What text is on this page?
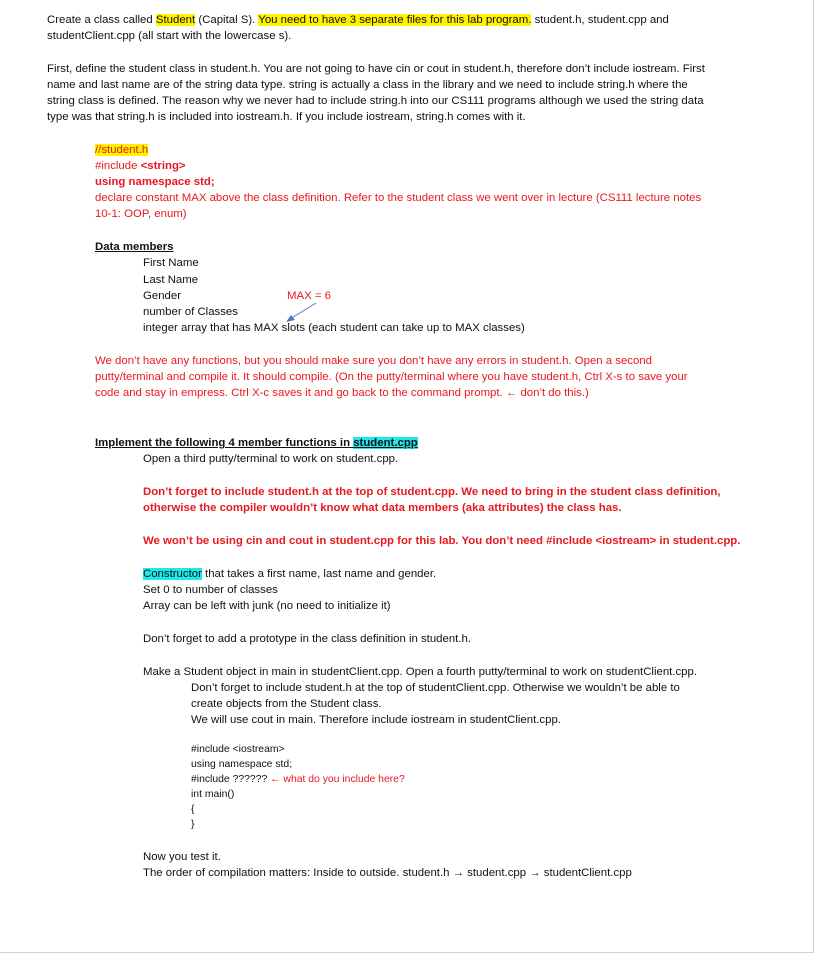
Create a class called Student (Capital S). You need to have 3 separate files for this lab program. student.h, student.cpp and
studentClient.cpp (all start with the lowercase s).
First, define the student class in student.h. You are not going to have cin or cout in student.h, therefore don’t include iostream. First
name and last name are of the string data type. string is actually a class in the library and we need to include string.h where the
string class is defined. The reason why we never had to include string.h into our CS111 programs although we used the string data
type was that string.h is included into iostream.h. If you include iostream, string.h comes with it.
//student.h
#include <string>
using namespace std;
declare constant MAX above the class definition. Refer to the student class we went over in lecture (CS111 lecture notes
10-1: OOP, enum)
Data members
First Name
Last Name
Gender	MAX = 6
number of Classes
integer array that has MAX slots (each student can take up to MAX classes)
We don’t have any functions, but you should make sure you don’t have any errors in student.h. Open a second
putty/terminal and compile it. It should compile. (On the putty/terminal where you have student.h, Ctrl X-s to save your
code and stay in empress. Ctrl X-c saves it and go back to the command prompt. ← don’t do this.)
Implement the following 4 member functions in student.cpp
Open a third putty/terminal to work on student.cpp.
Don’t forget to include student.h at the top of student.cpp. We need to bring in the student class definition,
otherwise the compiler wouldn’t know what data members (aka attributes) the class has.
We won’t be using cin and cout in student.cpp for this lab. You don’t need #include <iostream> in student.cpp.
Constructor that takes a first name, last name and gender.
Set 0 to number of classes
Array can be left with junk (no need to initialize it)
Don’t forget to add a prototype in the class definition in student.h.
Make a Student object in main in studentClient.cpp. Open a fourth putty/terminal to work on studentClient.cpp.
Don’t forget to include student.h at the top of studentClient.cpp. Otherwise we wouldn’t be able to
create objects from the Student class.
We will use cout in main. Therefore include iostream in studentClient.cpp.
#include <iostream>
using namespace std;
#include ?????? ← what do you include here?
int main()
{
}
Now you test it.
The order of compilation matters: Inside to outside. student.h → student.cpp → studentClient.cpp
